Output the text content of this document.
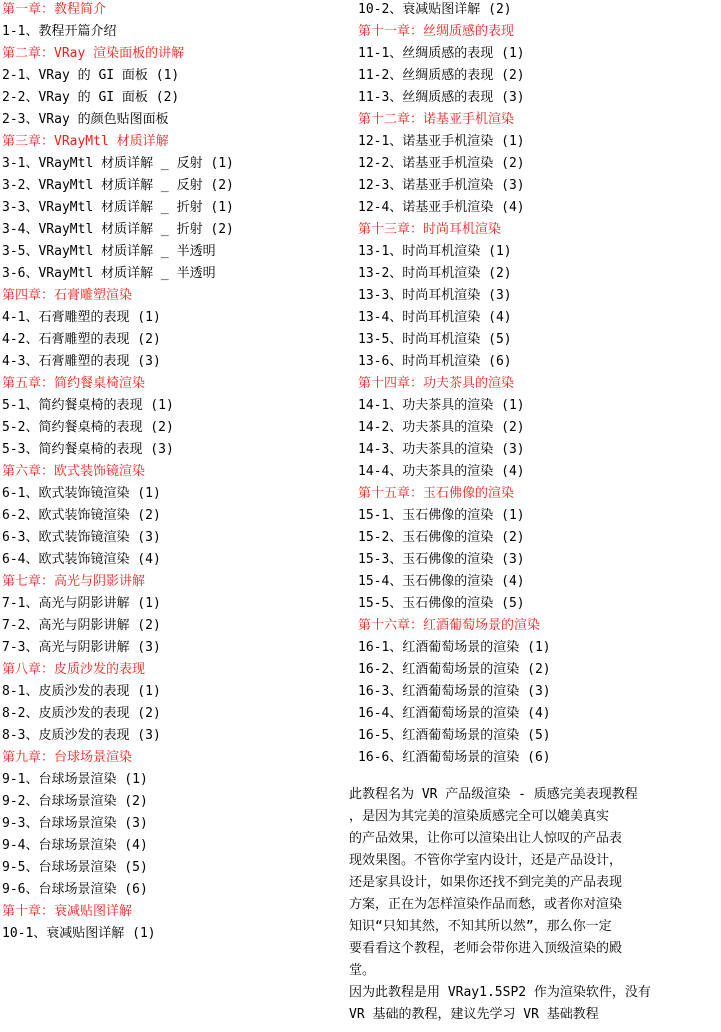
第一章：教程简介
1-1、教程开篇介绍
第二章：VRay 渲染面板的讲解
2-1、VRay 的 GI 面板 (1)
2-2、VRay 的 GI 面板 (2)
2-3、VRay 的颜色贴图面板
第三章：VRayMtl 材质详解
3-1、VRayMtl 材质详解 _ 反射 (1)
3-2、VRayMtl 材质详解 _ 反射 (2)
3-3、VRayMtl 材质详解 _ 折射 (1)
3-4、VRayMtl 材质详解 _ 折射 (2)
3-5、VRayMtl 材质详解 _ 半透明
3-6、VRayMtl 材质详解 _ 半透明
第四章：石膏雕塑渲染
4-1、石膏雕塑的表现 (1)
4-2、石膏雕塑的表现 (2)
4-3、石膏雕塑的表现 (3)
第五章：简约餐桌椅渲染
5-1、简约餐桌椅的表现 (1)
5-2、简约餐桌椅的表现 (2)
5-3、简约餐桌椅的表现 (3)
第六章：欧式装饰镜渲染
6-1、欧式装饰镜渲染 (1)
6-2、欧式装饰镜渲染 (2)
6-3、欧式装饰镜渲染 (3)
6-4、欧式装饰镜渲染 (4)
第七章：高光与阴影讲解
7-1、高光与阴影讲解 (1)
7-2、高光与阴影讲解 (2)
7-3、高光与阴影讲解 (3)
第八章：皮质沙发的表现
8-1、皮质沙发的表现 (1)
8-2、皮质沙发的表现 (2)
8-3、皮质沙发的表现 (3)
第九章：台球场景渲染
9-1、台球场景渲染 (1)
9-2、台球场景渲染 (2)
9-3、台球场景渲染 (3)
9-4、台球场景渲染 (4)
9-5、台球场景渲染 (5)
9-6、台球场景渲染 (6)
第十章：衰减贴图详解
10-1、衰减贴图详解 (1)
10-2、衰减贴图详解 (2)
第十一章：丝绸质感的表现
11-1、丝绸质感的表现 (1)
11-2、丝绸质感的表现 (2)
11-3、丝绸质感的表现 (3)
第十二章：诺基亚手机渲染
12-1、诺基亚手机渲染 (1)
12-2、诺基亚手机渲染 (2)
12-3、诺基亚手机渲染 (3)
12-4、诺基亚手机渲染 (4)
第十三章：时尚耳机渲染
13-1、时尚耳机渲染 (1)
13-2、时尚耳机渲染 (2)
13-3、时尚耳机渲染 (3)
13-4、时尚耳机渲染 (4)
13-5、时尚耳机渲染 (5)
13-6、时尚耳机渲染 (6)
第十四章：功夫茶具的渲染
14-1、功夫茶具的渲染 (1)
14-2、功夫茶具的渲染 (2)
14-3、功夫茶具的渲染 (3)
14-4、功夫茶具的渲染 (4)
第十五章：玉石佛像的渲染
15-1、玉石佛像的渲染 (1)
15-2、玉石佛像的渲染 (2)
15-3、玉石佛像的渲染 (3)
15-4、玉石佛像的渲染 (4)
15-5、玉石佛像的渲染 (5)
第十六章：红酒葡萄场景的渲染
16-1、红酒葡萄场景的渲染 (1)
16-2、红酒葡萄场景的渲染 (2)
16-3、红酒葡萄场景的渲染 (3)
16-4、红酒葡萄场景的渲染 (4)
16-5、红酒葡萄场景的渲染 (5)
16-6、红酒葡萄场景的渲染 (6)

此教程名为 VR 产品级渲染 - 质感完美表现教程

，是因为其完美的渲染质感完全可以媲美真实

的产品效果，让你可以渲染出让人惊叹的产品表

现效果图。不管你学室内设计，还是产品设计，

还是家具设计，如果你还找不到完美的产品表现

方案，正在为怎样渲染作品而愁，或者你对渲染

知识“只知其然，不知其所以然”，那么你一定

要看看这个教程，老师会带你进入顶级渲染的殿

堂。

因为此教程是用 VRay1.5SP2 作为渲染软件，没有

VR 基础的教程，建议先学习 VR 基础教程
